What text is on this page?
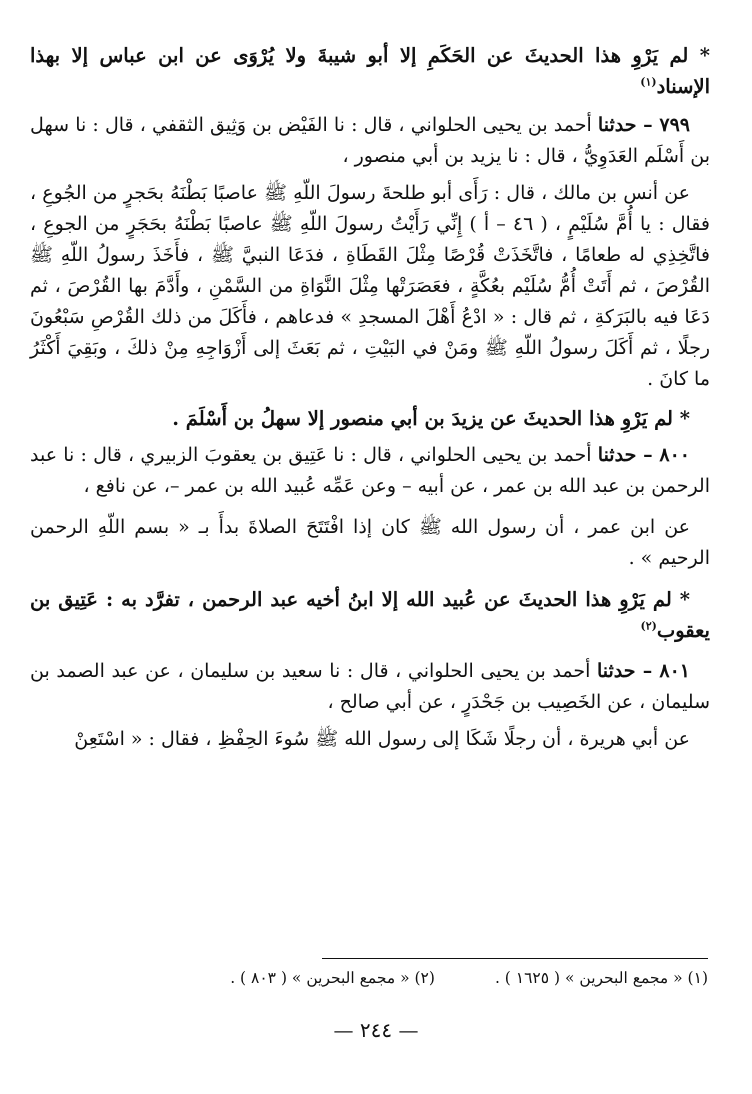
* لم يَرْوِ هذا الحديثَ عن الحَكَمِ إلا أبو شيبةَ ولا يُرْوَى عن ابن عباس إلا بهذا الإسناد$^{(١)}$

٧٩٩ – حدثنا أحمد بن يحيى الحلواني ، قال : نا الفَيْض بن وَثِيق الثقفي ، قال : نا سهل بن أَسْلَم العَدَوِيُّ ، قال : نا يزيد بن أبي منصور ،

عن أنس بن مالك ، قال : رَأَى أبو طلحةَ رسولَ اللّهِ ﷺ عاصبًا بَطْنَهُ بحَجرٍ من الجُوعِ ، فقال : يا أُمَّ سُلَيْمٍ ، ( ٤٦ – أ ) إِنِّي رَأَيْتُ رسولَ اللّهِ ﷺ عاصبًا بَطْنَهُ بحَجَرٍ من الجوعِ ، فاتَّخِذِي له طعامًا ، فاتَّخَذَتْ قُرْصًا مِثْلَ القَطَاةِ ، فدَعَا النبيَّ ﷺ ، فأَخَذَ رسولُ اللّهِ ﷺ القُرْصَ ، ثم أَتَتْ أُمُّ سُلَيْم بعُكَّةٍ ، فعَصَرَتْها مِثْلَ النَّوَاةِ من السَّمْنِ ، وأَدَّمَ بها القُرْصَ ، ثم دَعَا فيه بالبَرَكةِ ، ثم قال : « ادْعُ أَهْلَ المسجدِ » فدعاهم ، فأَكَلَ من ذلك القُرْصِ سَبْعُونَ رجلًا ، ثم أَكَلَ رسولُ اللّهِ ﷺ ومَنْ في البَيْتِ ، ثم بَعَثَ إلى أَزْوَاجِهِ مِنْ ذلكَ ، وبَقِيَ أَكْثَرُ ما كانَ .

* لم يَرْوِ هذا الحديثَ عن يزيدَ بن أبي منصور إلا سهلُ بن أَسْلَمَ .

٨٠٠ – حدثنا أحمد بن يحيى الحلواني ، قال : نا عَتِيق بن يعقوبَ الزبيري ، قال : نا عبد الرحمن بن عبد الله بن عمر ، عن أبيه – وعن عَمِّه عُبيد الله بن عمر –، عن نافع ،

عن ابن عمر ، أن رسول الله ﷺ كان إذا افْتَتَحَ الصلاةَ بدأَ بـ « بسم اللّهِ الرحمن الرحيم » .

* لم يَرْوِ هذا الحديثَ عن عُبيد الله إلا ابنُ أخيه عبد الرحمن ، تفرَّد به : عَتِيق بن يعقوب$^{(٢)}$

٨٠١ – حدثنا أحمد بن يحيى الحلواني ، قال : نا سعيد بن سليمان ، عن عبد الصمد بن سليمان ، عن الخَصِيب بن جَحْدَرٍ ، عن أبي صالح ،

عن أبي هريرة ، أن رجلًا شَكَا إلى رسول الله ﷺ سُوءَ الحِفْظِ ، فقال : « اسْتَعِنْ

(١) « مجمع البحرين » ( ١٦٢٥ ) .
(٢) « مجمع البحرين » ( ٨٠٣ ) .
— ٢٤٤ —
